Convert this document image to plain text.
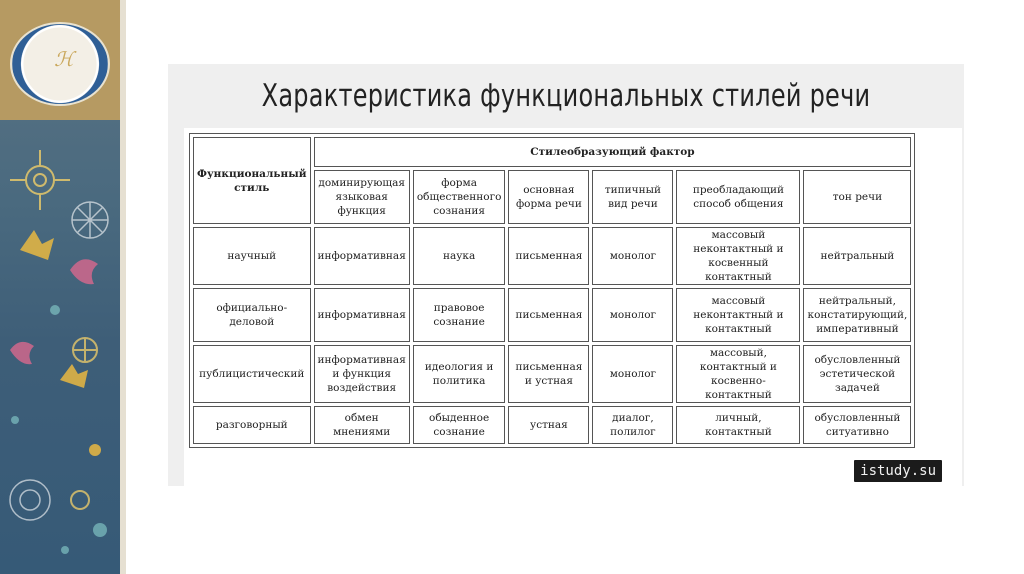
ℋ
Характеристика функциональных стилей речи
Функциональный стиль	Стилеобразующий фактор					
	доминирующая языковая функция	форма общественного сознания	основная форма речи	типичный вид речи	преобладающий способ общения	тон речи
научный	информативная	наука	письменная	монолог	массовый неконтактный и косвенный контактный	нейтральный
официально-деловой	информативная	правовое сознание	письменная	монолог	массовый неконтактный и контактный	нейтральный, констатирующий, императивный
публицистический	информативная и функция воздействия	идеология и политика	письменная и устная	монолог	массовый, контактный и косвенно-контактный	обусловленный эстетической задачей
разговорный	обмен мнениями	обыденное сознание	устная	диалог, полилог	личный, контактный	обусловленный ситуативно
istudy.su
